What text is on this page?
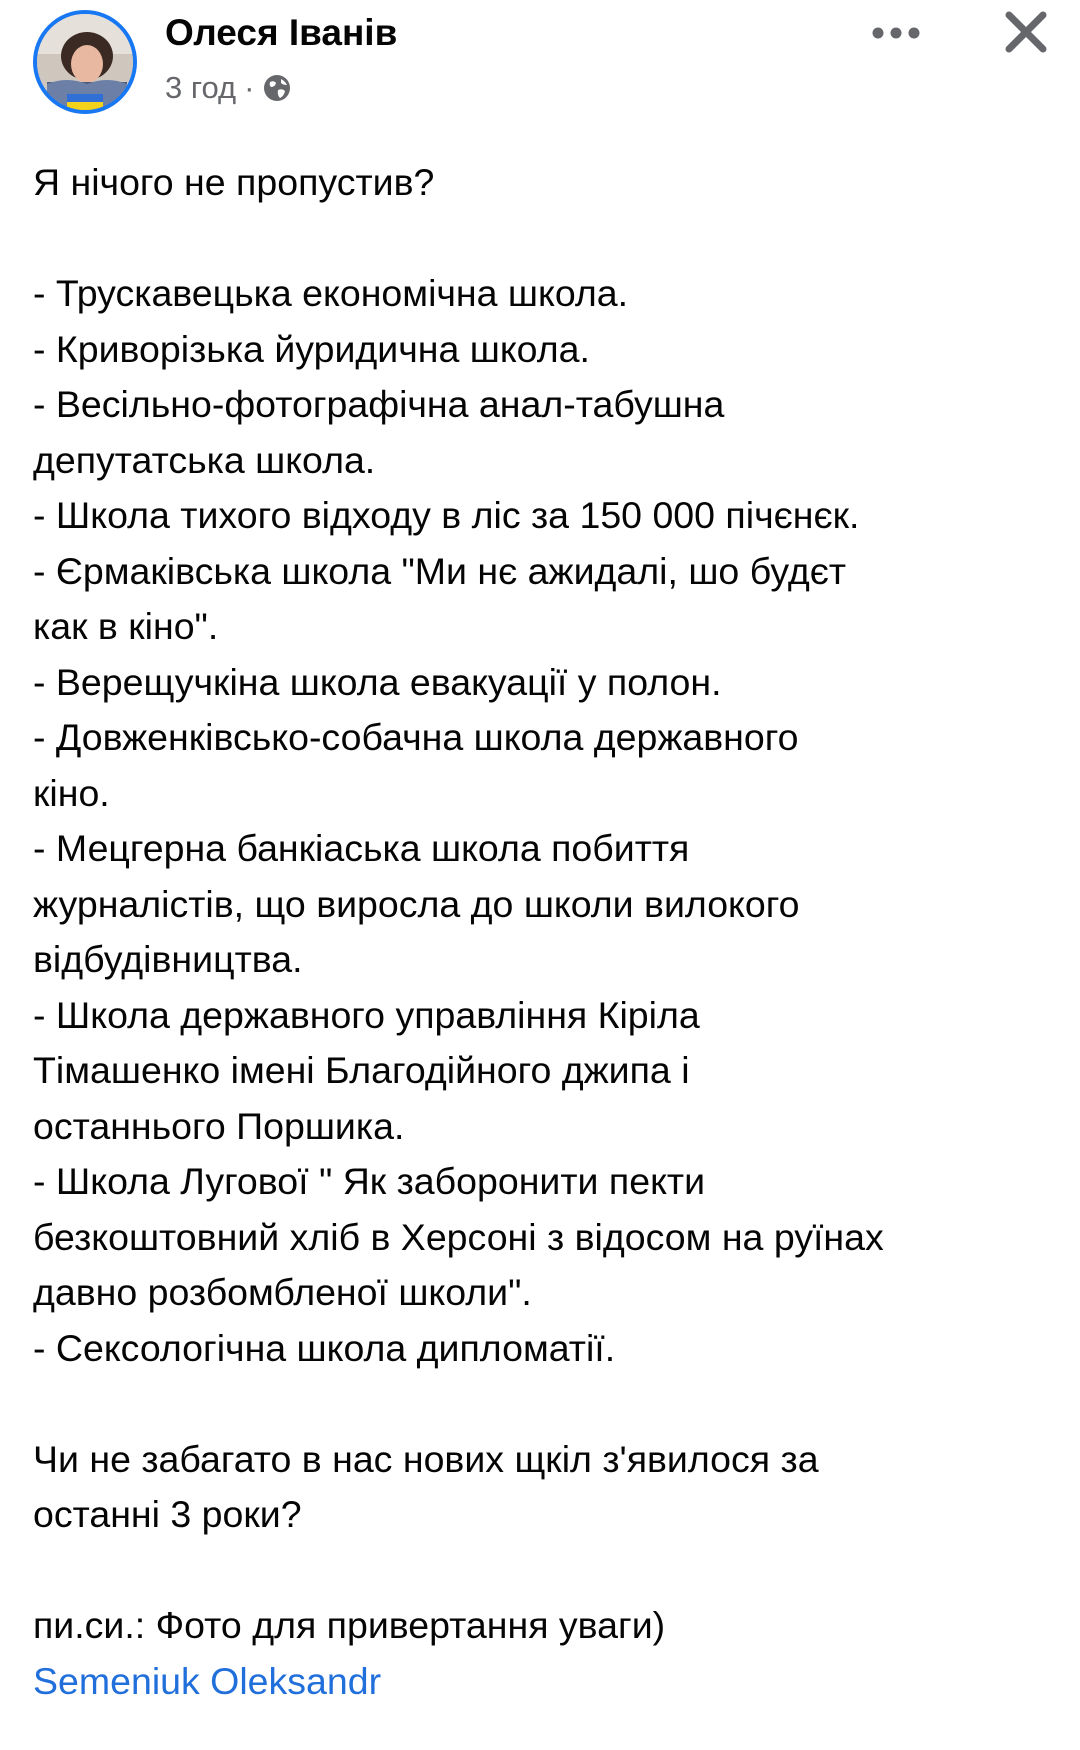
Олеся Іванів
3 год ·

Я нічого не пропустив?

- Трускавецька економічна школа.

- Криворізька йуридична школа.

- Весільно-фотографічна анал-табушна

депутатська школа.

- Школа тихого відходу в ліс за 150 000 пічєнєк.

- Єрмаківська школа "Ми нє ажидалі, шо будєт

как в кіно".

- Верещучкіна школа евакуації у полон.

- Довженківсько-собачна школа державного

кіно.

- Мецгерна банкіаська школа побиття

журналістів, що виросла до школи вилокого

відбудівництва.

- Школа державного управління Кіріла

Тімашенко імені Благодійного джипа і

останнього Поршика.

- Школа Лугової " Як заборонити пекти

безкоштовний хліб в Херсоні з відосом на руїнах

давно розбомбленої школи".

- Сексологічна школа дипломатії.

Чи не забагато в нас нових щкіл з'явилося за

останні 3 роки?

пи.си.: Фото для привертання уваги)

Semeniuk Oleksandr
